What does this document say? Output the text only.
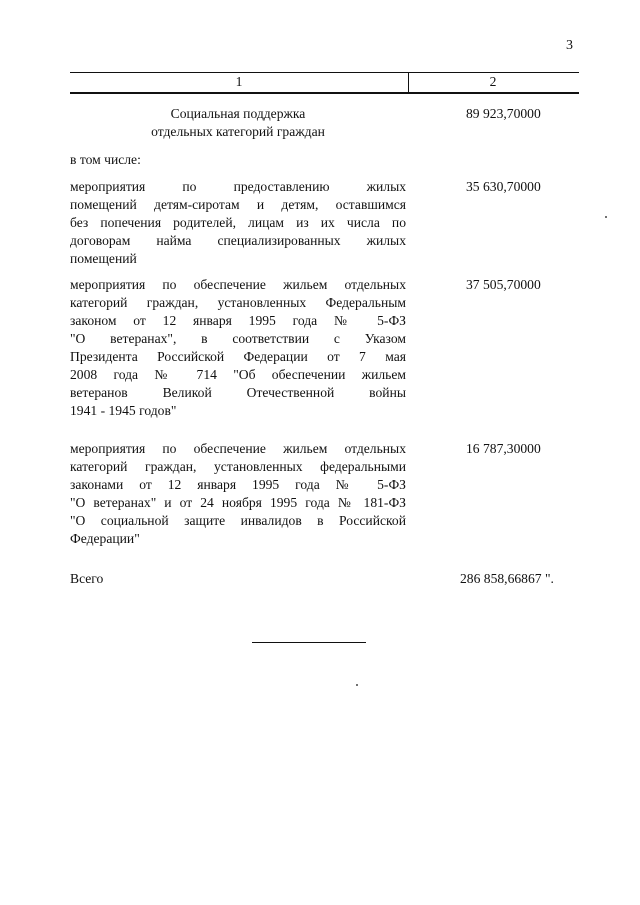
3
1	2
Социальная поддержка
отдельных категорий граждан
89 923,70000
в том числе:
мероприятия по предоставлению жилых
помещений детям-сиротам и детям, оставшимся
без попечения родителей, лицам из их числа по
договорам найма специализированных жилых
помещений
35 630,70000
мероприятия по обеспечение жильем отдельных
категорий граждан, установленных Федеральным
законом от 12 января 1995 года № 5-ФЗ
"О ветеранах", в соответствии с Указом
Президента Российской Федерации от 7 мая
2008 года № 714 "Об обеспечении жильем
ветеранов Великой Отечественной войны
1941 - 1945 годов"
37 505,70000
мероприятия по обеспечение жильем отдельных
категорий граждан, установленных федеральными
законами от 12 января 1995 года № 5-ФЗ
"О ветеранах" и от 24 ноября 1995 года № 181-ФЗ
"О социальной защите инвалидов в Российской
Федерации"
16 787,30000
Всего	286 858,66867 ".
